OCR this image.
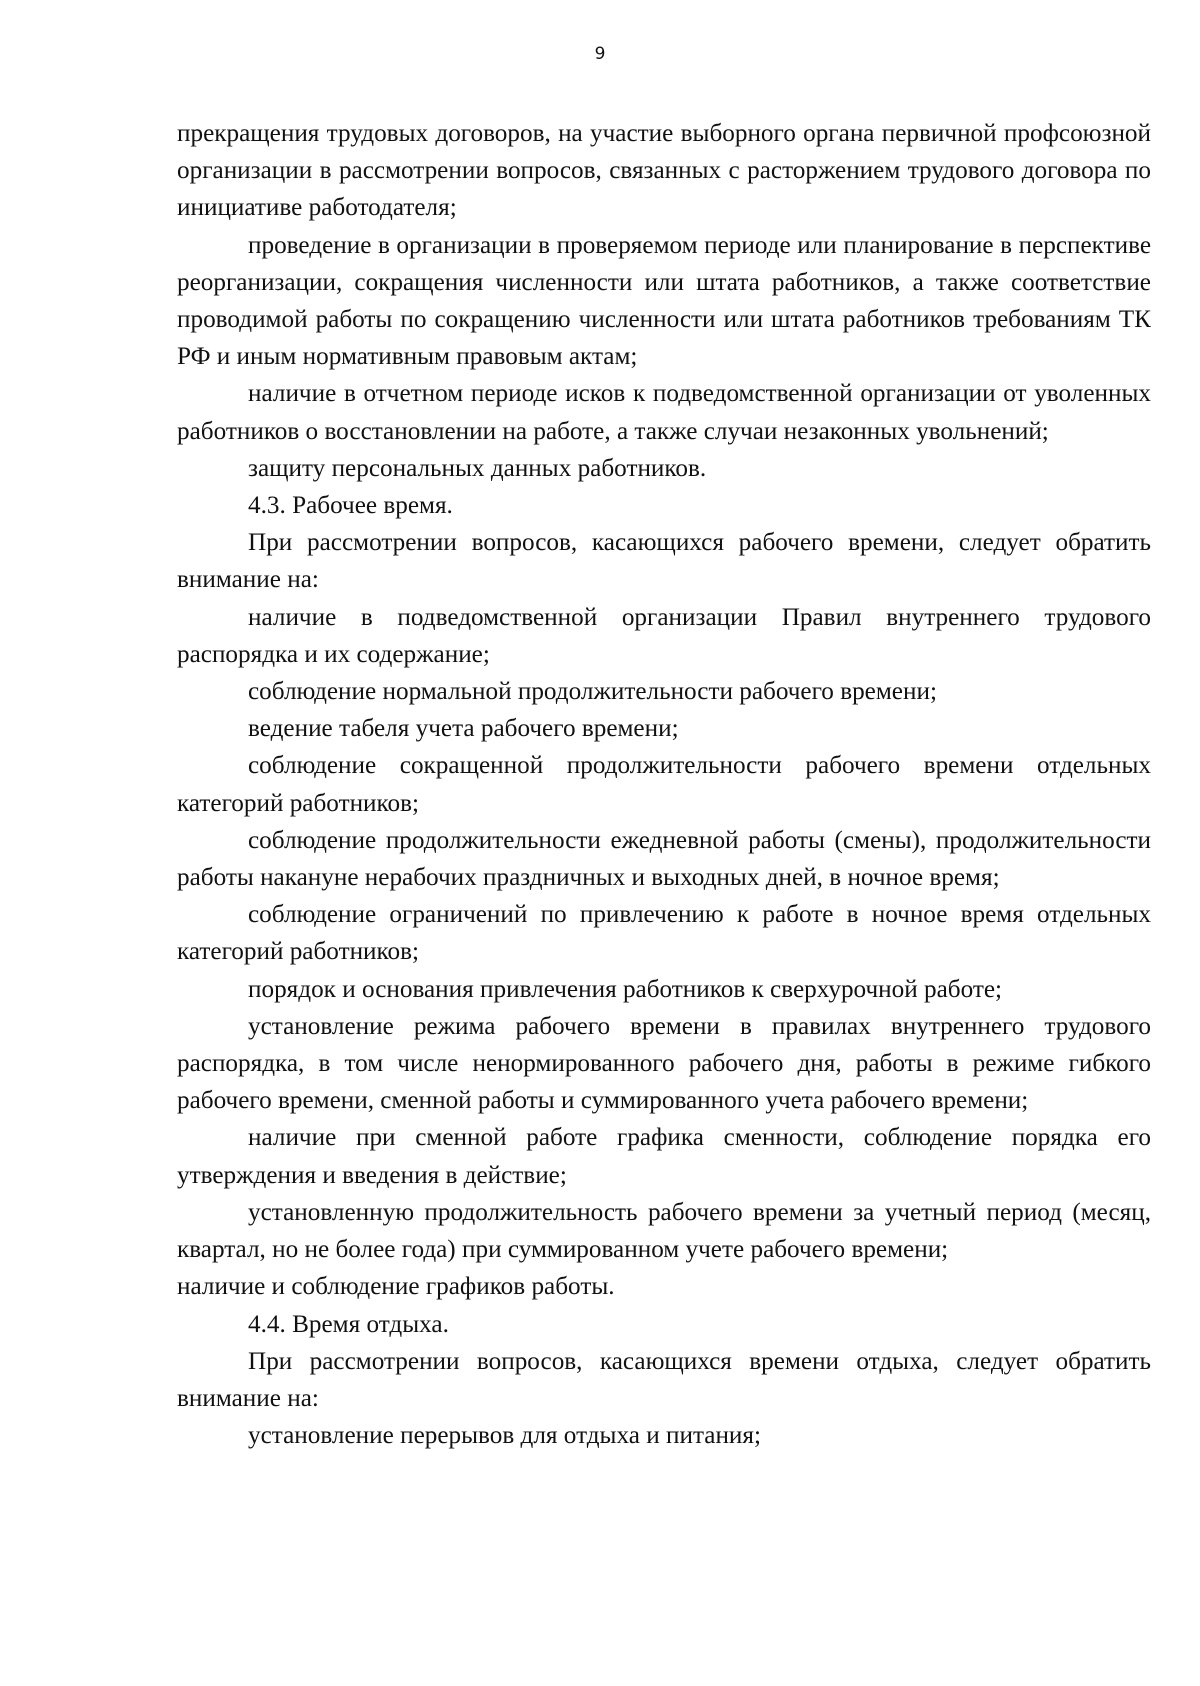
9

прекращения трудовых договоров, на участие выборного органа первичной профсоюзной организации в рассмотрении вопросов, связанных с расторжением трудового договора по инициативе работодателя;

проведение в организации в проверяемом периоде или планирование в перспективе реорганизации, сокращения численности или штата работников, а также соответствие проводимой работы по сокращению численности или штата работников требованиям ТК РФ и иным нормативным правовым актам;

наличие в отчетном периоде исков к подведомственной организации от уволенных работников о восстановлении на работе, а также случаи незаконных увольнений;

защиту персональных данных работников.

4.3. Рабочее время.

При рассмотрении вопросов, касающихся рабочего времени, следует обратить внимание на:

наличие в подведомственной организации Правил внутреннего трудового распорядка и их содержание;

соблюдение нормальной продолжительности рабочего времени;

ведение табеля учета рабочего времени;

соблюдение сокращенной продолжительности рабочего времени отдельных категорий работников;

соблюдение продолжительности ежедневной работы (смены), продолжительности работы накануне нерабочих праздничных и выходных дней, в ночное время;

соблюдение ограничений по привлечению к работе в ночное время отдельных категорий работников;

порядок и основания привлечения работников к сверхурочной работе;

установление режима рабочего времени в правилах внутреннего трудового распорядка, в том числе ненормированного рабочего дня, работы в режиме гибкого рабочего времени, сменной работы и суммированного учета рабочего времени;

наличие при сменной работе графика сменности, соблюдение порядка его утверждения и введения в действие;

установленную продолжительность рабочего времени за учетный период (месяц, квартал, но не более года) при суммированном учете рабочего времени;

наличие и соблюдение графиков работы.

4.4. Время отдыха.

При рассмотрении вопросов, касающихся времени отдыха, следует обратить внимание на:

установление перерывов для отдыха и питания;
